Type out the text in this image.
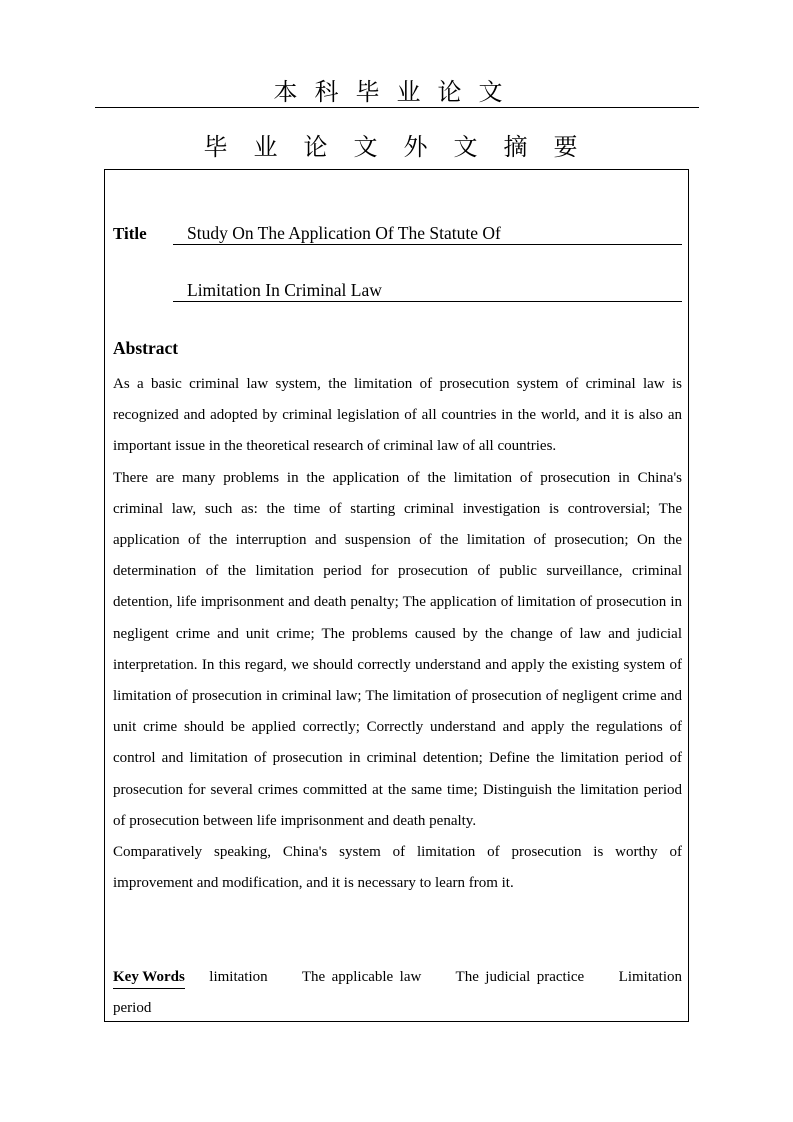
本科毕业论文
毕业论文外文摘要
Title Study On The Application Of The Statute Of
Limitation In Criminal Law
Abstract

As a basic criminal law system, the limitation of prosecution system of criminal law is recognized and adopted by criminal legislation of all countries in the world, and it is also an important issue in the theoretical research of criminal law of all countries.

There are many problems in the application of the limitation of prosecution in China's criminal law, such as: the time of starting criminal investigation is controversial; The application of the interruption and suspension of the limitation of prosecution; On the determination of the limitation period for prosecution of public surveillance, criminal detention, life imprisonment and death penalty; The application of limitation of prosecution in negligent crime and unit crime; The problems caused by the change of law and judicial interpretation. In this regard, we should correctly understand and apply the existing system of limitation of prosecution in criminal law; The limitation of prosecution of negligent crime and unit crime should be applied correctly; Correctly understand and apply the regulations of control and limitation of prosecution in criminal detention; Define the limitation period of prosecution for several crimes committed at the same time; Distinguish the limitation period of prosecution between life imprisonment and death penalty.

Comparatively speaking, China's system of limitation of prosecution is worthy of improvement and modification, and it is necessary to learn from it.

Key Words limitation The applicable law The judicial practice Limitation period
